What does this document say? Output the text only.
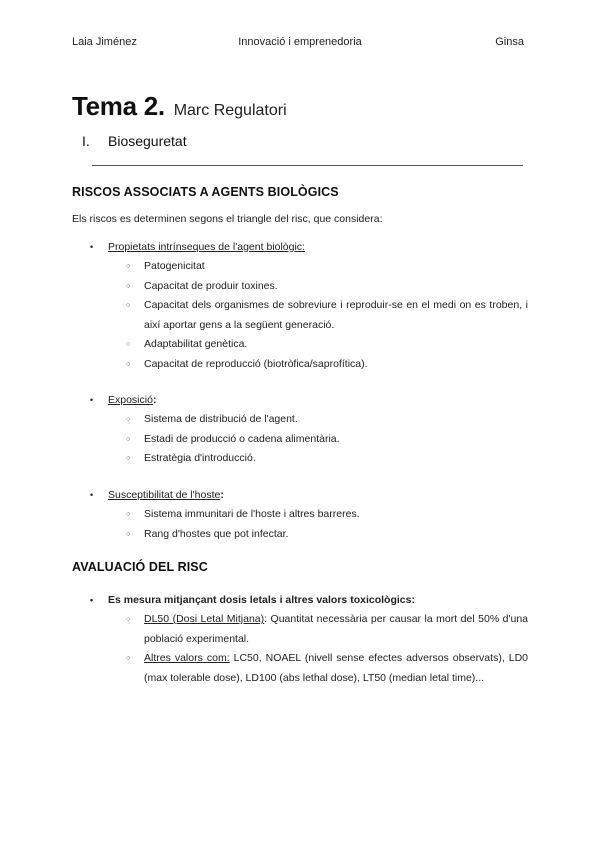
Laia Jiménez	Innovació i emprenedoria	Ginsa
Tema 2. Marc Regulatori
I. Bioseguretat
RISCOS ASSOCIATS A AGENTS BIOLÒGICS

Els riscos es determinen segons el triangle del risc, que considera:

• Propietats intrínseques de l'agent biològic:
○ Patogenicitat
○ Capacitat de produir toxines.
○ Capacitat dels organismes de sobreviure i reproduir-se en el medi on es troben, i així aportar gens a la següent generació.
○ Adaptabilitat genètica.
○ Capacitat de reproducció (biotròfica/saprofítica).
• Exposició:
○ Sistema de distribució de l'agent.
○ Estadi de producció o cadena alimentària.
○ Estratègia d'introducció.
• Susceptibilitat de l'hoste:
○ Sistema immunitari de l'hoste i altres barreres.
○ Rang d'hostes que pot infectar.
AVALUACIÓ DEL RISC
• Es mesura mitjançant dosis letals i altres valors toxicològics:
○ DL50 (Dosi Letal Mitjana): Quantitat necessària per causar la mort del 50% d'una població experimental.
○ Altres valors com: LC50, NOAEL (nivell sense efectes adversos observats), LD0 (max tolerable dose), LD100 (abs lethal dose), LT50 (median letal time)...
